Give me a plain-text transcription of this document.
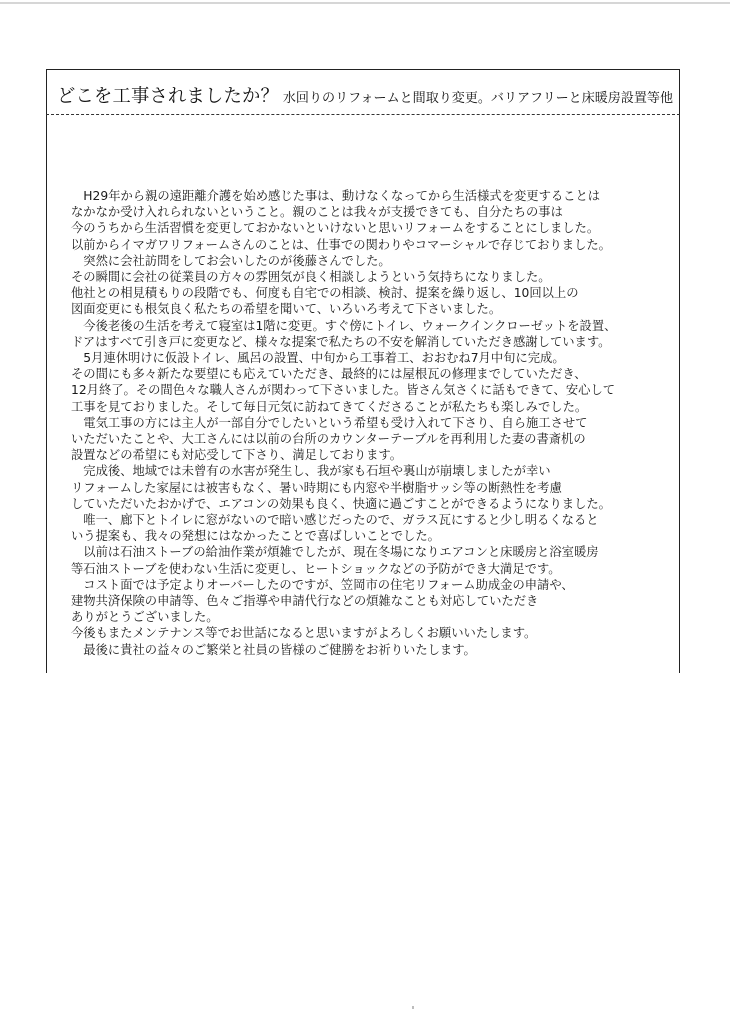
どこを工事されましたか？ 水回りのリフォームと間取り変更。バリアフリーと床暖房設置等他

　H29年から親の遠距離介護を始め感じた事は、動けなくなってから生活様式を変更することは

なかなか受け入れられないということ。親のことは我々が支援できても、自分たちの事は

今のうちから生活習慣を変更しておかないといけないと思いリフォームをすることにしました。

以前からイマガワリフォームさんのことは、仕事での関わりやコマーシャルで存じておりました。

　突然に会社訪問をしてお会いしたのが後藤さんでした。

その瞬間に会社の従業員の方々の雰囲気が良く相談しようという気持ちになりました。

他社との相見積もりの段階でも、何度も自宅での相談、検討、提案を繰り返し、10回以上の

図面変更にも根気良く私たちの希望を聞いて、いろいろ考えて下さいました。

　今後老後の生活を考えて寝室は1階に変更。すぐ傍にトイレ、ウォークインクローゼットを設置、

ドアはすべて引き戸に変更など、様々な提案で私たちの不安を解消していただき感謝しています。

　5月連休明けに仮設トイレ、風呂の設置、中旬から工事着工、おおむね7月中旬に完成。

その間にも多々新たな要望にも応えていただき、最終的には屋根瓦の修理までしていただき、

12月終了。その間色々な職人さんが関わって下さいました。皆さん気さくに話もできて、安心して

工事を見ておりました。そして毎日元気に訪ねてきてくださることが私たちも楽しみでした。

　電気工事の方には主人が一部自分でしたいという希望も受け入れて下さり、自ら施工させて

いただいたことや、大工さんには以前の台所のカウンターテーブルを再利用した妻の書斎机の

設置などの希望にも対応受して下さり、満足しております。

　完成後、地域では未曾有の水害が発生し、我が家も石垣や裏山が崩壊しましたが幸い

リフォームした家屋には被害もなく、暑い時期にも内窓や半樹脂サッシ等の断熱性を考慮

していただいたおかげで、エアコンの効果も良く、快適に過ごすことができるようになりました。

　唯一、廊下とトイレに窓がないので暗い感じだったので、ガラス瓦にすると少し明るくなると

いう提案も、我々の発想にはなかったことで喜ばしいことでした。

　以前は石油ストーブの給油作業が煩雑でしたが、現在冬場になりエアコンと床暖房と浴室暖房

等石油ストーブを使わない生活に変更し、ヒートショックなどの予防ができ大満足です。

　コスト面では予定よりオーバーしたのですが、笠岡市の住宅リフォーム助成金の申請や、

建物共済保険の申請等、色々ご指導や申請代行などの煩雑なことも対応していただき

ありがとうございました。

今後もまたメンテナンス等でお世話になると思いますがよろしくお願いいたします。

　最後に貴社の益々のご繁栄と社員の皆様のご健勝をお祈りいたします。
